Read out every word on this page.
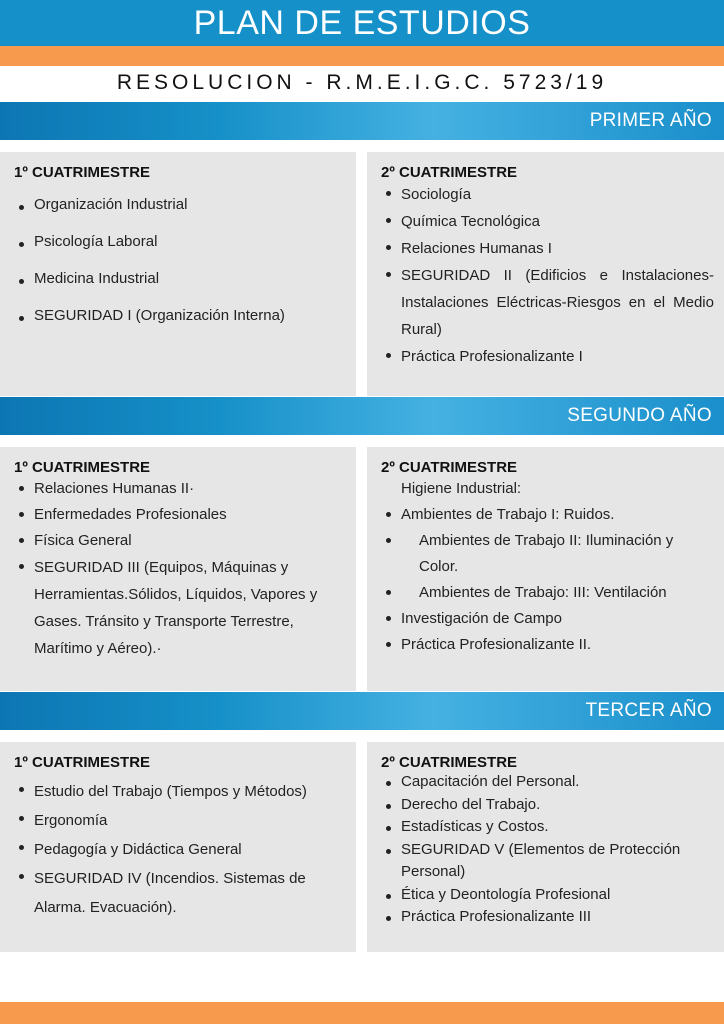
PLAN DE ESTUDIOS
RESOLUCION - R.M.E.I.G.C. 5723/19
PRIMER AÑO
1º CUATRIMESTRE
Organización Industrial
Psicología Laboral
Medicina Industrial
SEGURIDAD I (Organización Interna)
2º CUATRIMESTRE
Sociología
Química Tecnológica
Relaciones Humanas I
SEGURIDAD II (Edificios e Instalaciones-Instalaciones Eléctricas-Riesgos en el Medio Rural)
Práctica Profesionalizante I
SEGUNDO AÑO
1º CUATRIMESTRE
Relaciones Humanas II·
Enfermedades Profesionales
Física General
SEGURIDAD III (Equipos, Máquinas y Herramientas.Sólidos, Líquidos, Vapores y Gases. Tránsito y Transporte Terrestre, Marítimo y Aéreo).·
2º CUATRIMESTRE
Higiene Industrial:
Ambientes de Trabajo I: Ruidos.
Ambientes de Trabajo II: Iluminación y Color.
Ambientes de Trabajo: III: Ventilación
Investigación de Campo
Práctica Profesionalizante II.
TERCER AÑO
1º CUATRIMESTRE
Estudio del Trabajo (Tiempos y Métodos)
Ergonomía
Pedagogía y Didáctica General
SEGURIDAD IV (Incendios. Sistemas de Alarma. Evacuación).
2º CUATRIMESTRE
Capacitación del Personal.
Derecho del Trabajo.
Estadísticas y Costos.
SEGURIDAD V (Elementos de Protección Personal)
Ética y Deontología Profesional
Práctica Profesionalizante III
